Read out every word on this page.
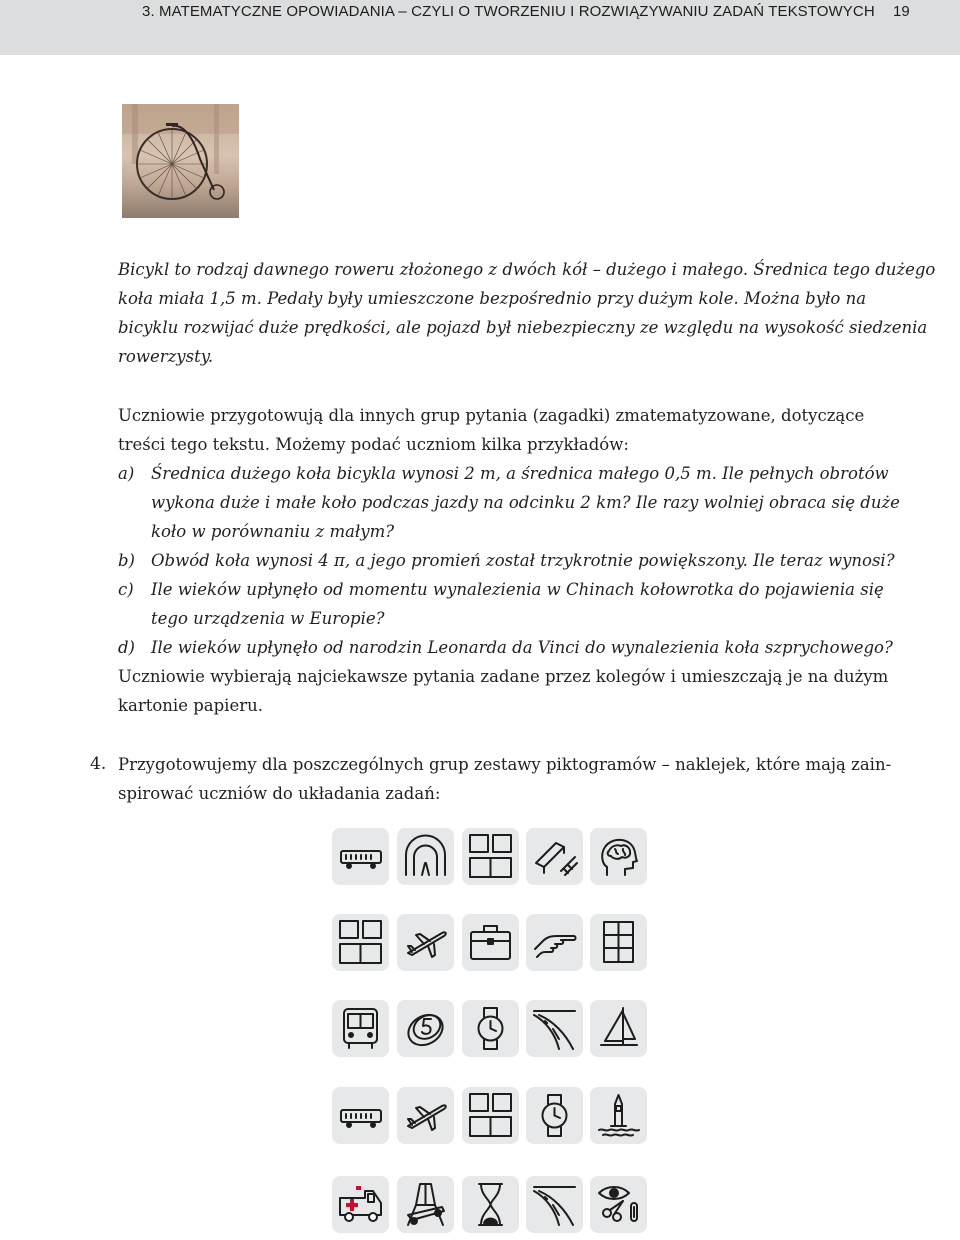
3. MATEMATYCZNE OPOWIADANIA – CZYLI O TWORZENIU I ROZWIĄZYWANIU ZADAŃ TEKSTOWYCH 19

Bicykl to rodzaj dawnego roweru złożonego z dwóch kół – dużego i małego. Średnica tego dużego

koła miała 1,5 m. Pedały były umieszczone bezpośrednio przy dużym kole. Można było na

bicyklu rozwijać duże prędkości, ale pojazd był niebezpieczny ze względu na wysokość siedzenia

rowerzysty.

Uczniowie przygotowują dla innych grup pytania (zagadki) zmatematyzowane, dotyczące

treści tego tekstu. Możemy podać uczniom kilka przykładów:

a) Średnica dużego koła bicykla wynosi 2 m, a średnica małego 0,5 m. Ile pełnych obrotów
wykona duże i małe koło podczas jazdy na odcinku 2 km? Ile razy wolniej obraca się duże
koło w porównaniu z małym?
b) Obwód koła wynosi 4 π, a jego promień został trzykrotnie powiększony. Ile teraz wynosi?
c) Ile wieków upłynęło od momentu wynalezienia w Chinach kołowrotka do pojawienia się
tego urządzenia w Europie?
d) Ile wieków upłynęło od narodzin Leonarda da Vinci do wynalezienia koła szprychowego?

Uczniowie wybierają najciekawsze pytania zadane przez kolegów i umieszczają je na dużym

kartonie papieru.

4. Przygotowujemy dla poszczególnych grup zestawy piktogramów – naklejek, które mają zain-

spirować uczniów do układania zadań:
